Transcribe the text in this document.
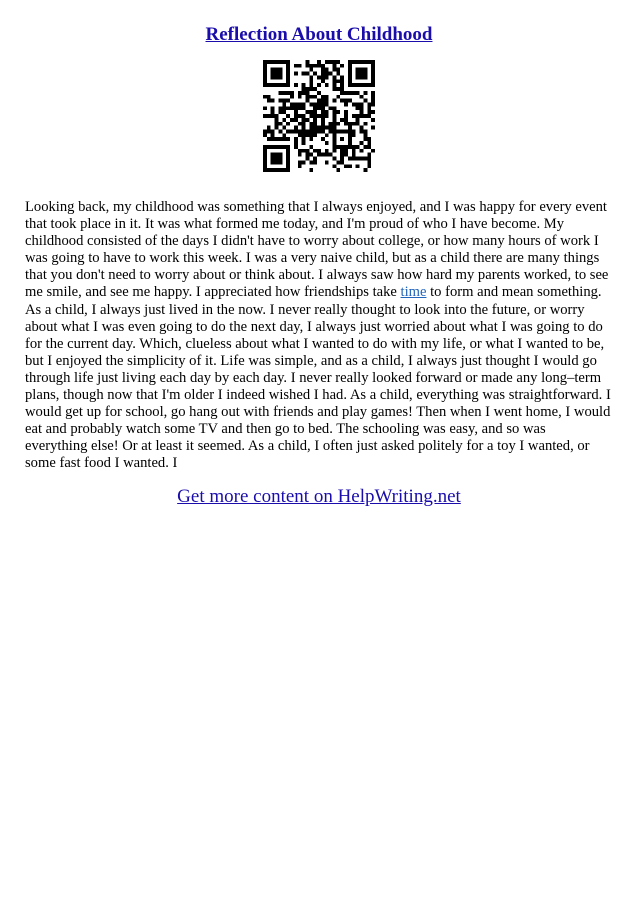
Reflection About Childhood
Looking back, my childhood was something that I always enjoyed, and I was happy for every event that took place in it. It was what formed me today, and I'm proud of who I have become. My childhood consisted of the days I didn't have to worry about college, or how many hours of work I was going to have to work this week. I was a very naive child, but as a child there are many things that you don't need to worry about or think about. I always saw how hard my parents worked, to see me smile, and see me happy. I appreciated how friendships take time to form and mean something. As a child, I always just lived in the now. I never really thought to look into the future, or worry about what I was even going to do the next day, I always just worried about what I was going to do for the current day. Which, clueless about what I wanted to do with my life, or what I wanted to be, but I enjoyed the simplicity of it. Life was simple, and as a child, I always just thought I would go through life just living each day by each day. I never really looked forward or made any long–term plans, though now that I'm older I indeed wished I had. As a child, everything was straightforward. I would get up for school, go hang out with friends and play games! Then when I went home, I would eat and probably watch some TV and then go to bed. The schooling was easy, and so was everything else! Or at least it seemed. As a child, I often just asked politely for a toy I wanted, or some fast food I wanted. I
Get more content on HelpWriting.net
